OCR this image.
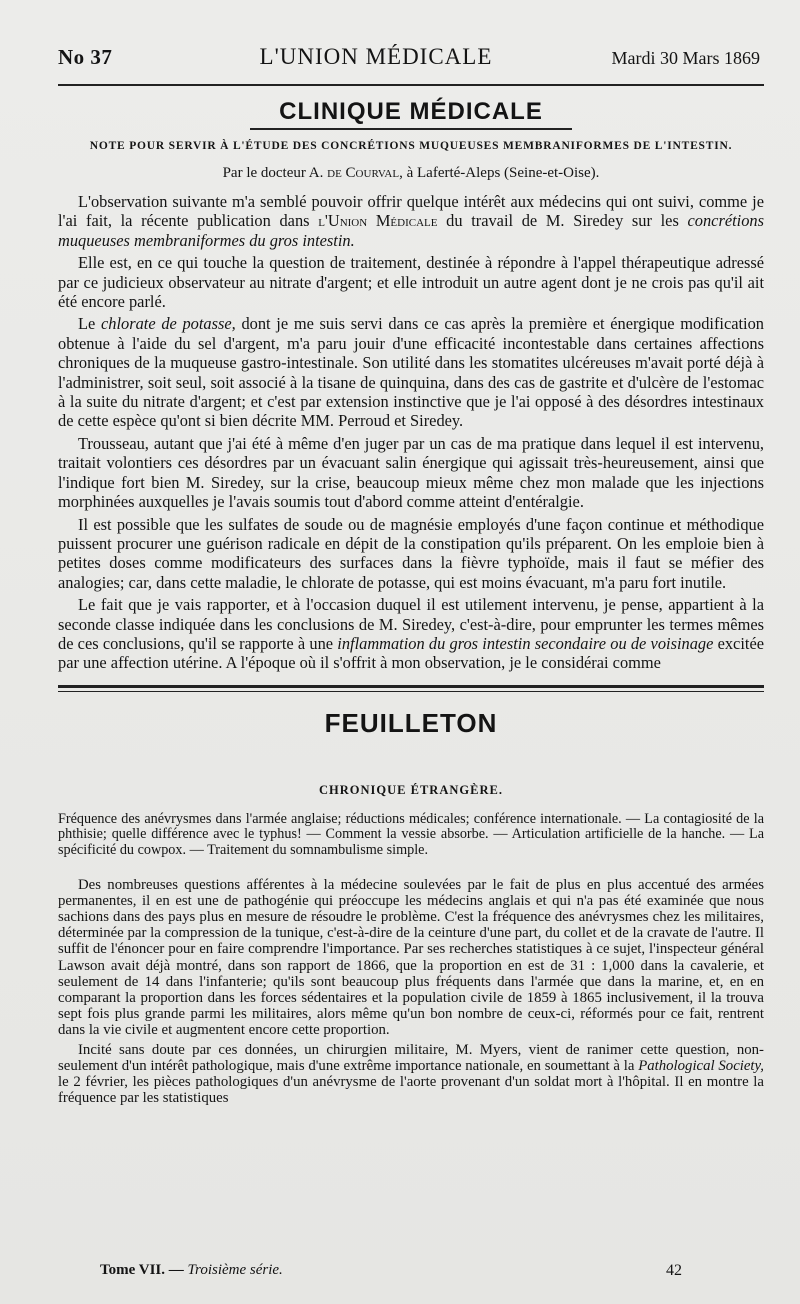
No 37	L'UNION MÉDICALE	Mardi 30 Mars 1869
CLINIQUE MÉDICALE
NOTE POUR SERVIR À L'ÉTUDE DES CONCRÉTIONS MUQUEUSES MEMBRANIFORMES DE L'INTESTIN.
Par le docteur A. de Courval, à Laferté-Aleps (Seine-et-Oise).

L'observation suivante m'a semblé pouvoir offrir quelque intérêt aux médecins qui ont suivi, comme je l'ai fait, la récente publication dans l'Union Médicale du travail de M. Siredey sur les concrétions muqueuses membraniformes du gros intestin.

Elle est, en ce qui touche la question de traitement, destinée à répondre à l'appel thérapeutique adressé par ce judicieux observateur au nitrate d'argent; et elle introduit un autre agent dont je ne crois pas qu'il ait été encore parlé.

Le chlorate de potasse, dont je me suis servi dans ce cas après la première et énergique modification obtenue à l'aide du sel d'argent, m'a paru jouir d'une efficacité incontestable dans certaines affections chroniques de la muqueuse gastro-intestinale. Son utilité dans les stomatites ulcéreuses m'avait porté déjà à l'administrer, soit seul, soit associé à la tisane de quinquina, dans des cas de gastrite et d'ulcère de l'estomac à la suite du nitrate d'argent; et c'est par extension instinctive que je l'ai opposé à des désordres intestinaux de cette espèce qu'ont si bien décrite MM. Perroud et Siredey.

Trousseau, autant que j'ai été à même d'en juger par un cas de ma pratique dans lequel il est intervenu, traitait volontiers ces désordres par un évacuant salin énergique qui agissait très-heureusement, ainsi que l'indique fort bien M. Siredey, sur la crise, beaucoup mieux même chez mon malade que les injections morphinées auxquelles je l'avais soumis tout d'abord comme atteint d'entéralgie.

Il est possible que les sulfates de soude ou de magnésie employés d'une façon continue et méthodique puissent procurer une guérison radicale en dépit de la constipation qu'ils préparent. On les emploie bien à petites doses comme modificateurs des surfaces dans la fièvre typhoïde, mais il faut se méfier des analogies; car, dans cette maladie, le chlorate de potasse, qui est moins évacuant, m'a paru fort inutile.

Le fait que je vais rapporter, et à l'occasion duquel il est utilement intervenu, je pense, appartient à la seconde classe indiquée dans les conclusions de M. Siredey, c'est-à-dire, pour emprunter les termes mêmes de ces conclusions, qu'il se rapporte à une inflammation du gros intestin secondaire ou de voisinage excitée par une affection utérine. A l'époque où il s'offrit à mon observation, je le considérai comme

FEUILLETON
CHRONIQUE ÉTRANGÈRE.
Fréquence des anévrysmes dans l'armée anglaise; réductions médicales; conférence internationale. — La contagiosité de la phthisie; quelle différence avec le typhus! — Comment la vessie absorbe. — Articulation artificielle de la hanche. — La spécificité du cowpox. — Traitement du somnambulisme simple.

Des nombreuses questions afférentes à la médecine soulevées par le fait de plus en plus accentué des armées permanentes, il en est une de pathogénie qui préoccupe les médecins anglais et qui n'a pas été examinée que nous sachions dans des pays plus en mesure de résoudre le problème. C'est la fréquence des anévrysmes chez les militaires, déterminée par la compression de la tunique, c'est-à-dire de la ceinture d'une part, du collet et de la cravate de l'autre. Il suffit de l'énoncer pour en faire comprendre l'importance. Par ses recherches statistiques à ce sujet, l'inspecteur général Lawson avait déjà montré, dans son rapport de 1866, que la proportion en est de 31 : 1,000 dans la cavalerie, et seulement de 14 dans l'infanterie; qu'ils sont beaucoup plus fréquents dans l'armée que dans la marine, et, en en comparant la proportion dans les forces sédentaires et la population civile de 1859 à 1865 inclusivement, il la trouva sept fois plus grande parmi les militaires, alors même qu'un bon nombre de ceux-ci, réformés pour ce fait, rentrent dans la vie civile et augmentent encore cette proportion.

Incité sans doute par ces données, un chirurgien militaire, M. Myers, vient de ranimer cette question, non-seulement d'un intérêt pathologique, mais d'une extrême importance nationale, en soumettant à la Pathological Society, le 2 février, les pièces pathologiques d'un anévrysme de l'aorte provenant d'un soldat mort à l'hôpital. Il en montre la fréquence par les statistiques

Tome VII. — Troisième série.	42
